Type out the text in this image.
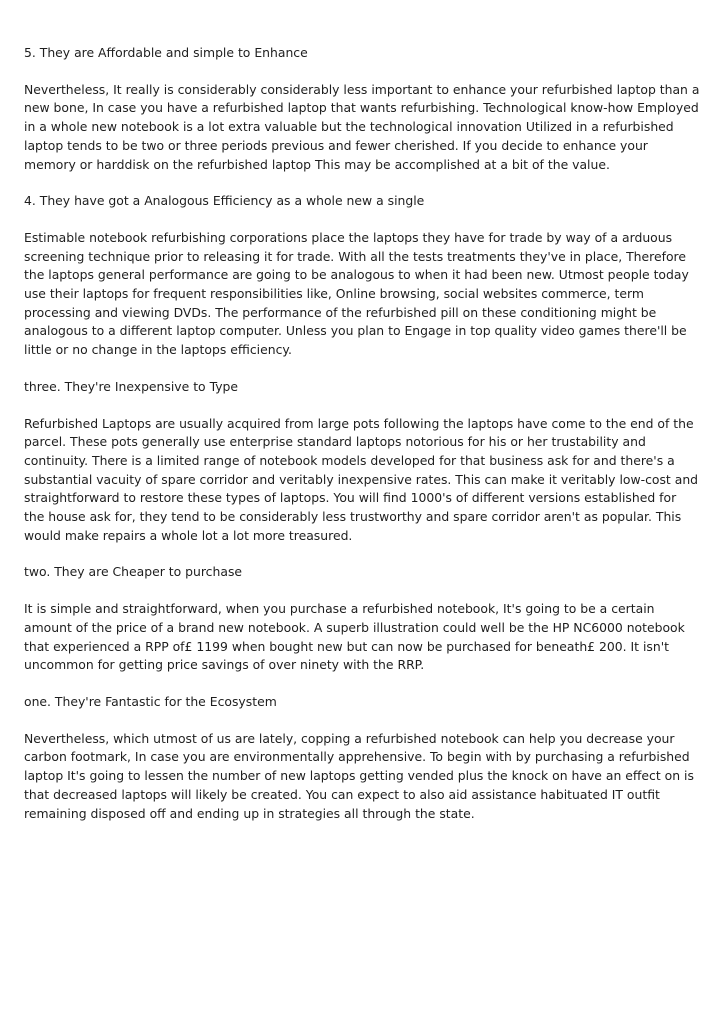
5. They are Affordable and simple to Enhance

Nevertheless, It really is considerably considerably less important to enhance your refurbished laptop than a new bone, In case you have a refurbished laptop that wants refurbishing. Technological know-how Employed in a whole new notebook is a lot extra valuable but the technological innovation Utilized in a refurbished laptop tends to be two or three periods previous and fewer cherished. If you decide to enhance your memory or harddisk on the refurbished laptop This may be accomplished at a bit of the value.

4. They have got a Analogous Efficiency as a whole new a single

Estimable notebook refurbishing corporations place the laptops they have for trade by way of a arduous screening technique prior to releasing it for trade. With all the tests treatments they've in place, Therefore the laptops general performance are going to be analogous to when it had been new. Utmost people today use their laptops for frequent responsibilities like, Online browsing, social websites commerce, term processing and viewing DVDs. The performance of the refurbished pill on these conditioning might be analogous to a different laptop computer. Unless you plan to Engage in top quality video games there'll be little or no change in the laptops efficiency.

three. They're Inexpensive to Type

Refurbished Laptops are usually acquired from large pots following the laptops have come to the end of the parcel. These pots generally use enterprise standard laptops notorious for his or her trustability and continuity. There is a limited range of notebook models developed for that business ask for and there's a substantial vacuity of spare corridor and veritably inexpensive rates. This can make it veritably low-cost and straightforward to restore these types of laptops. You will find 1000's of different versions established for the house ask for, they tend to be considerably less trustworthy and spare corridor aren't as popular. This would make repairs a whole lot a lot more treasured.

two. They are Cheaper to purchase

It is simple and straightforward, when you purchase a refurbished notebook, It's going to be a certain amount of the price of a brand new notebook. A superb illustration could well be the HP NC6000 notebook that experienced a RPP of£ 1199 when bought new but can now be purchased for beneath£ 200. It isn't uncommon for getting price savings of over ninety with the RRP.

one. They're Fantastic for the Ecosystem

Nevertheless, which utmost of us are lately, copping a refurbished notebook can help you decrease your carbon footmark, In case you are environmentally apprehensive. To begin with by purchasing a refurbished laptop It's going to lessen the number of new laptops getting vended plus the knock on have an effect on is that decreased laptops will likely be created. You can expect to also aid assistance habituated IT outfit remaining disposed off and ending up in strategies all through the state.
